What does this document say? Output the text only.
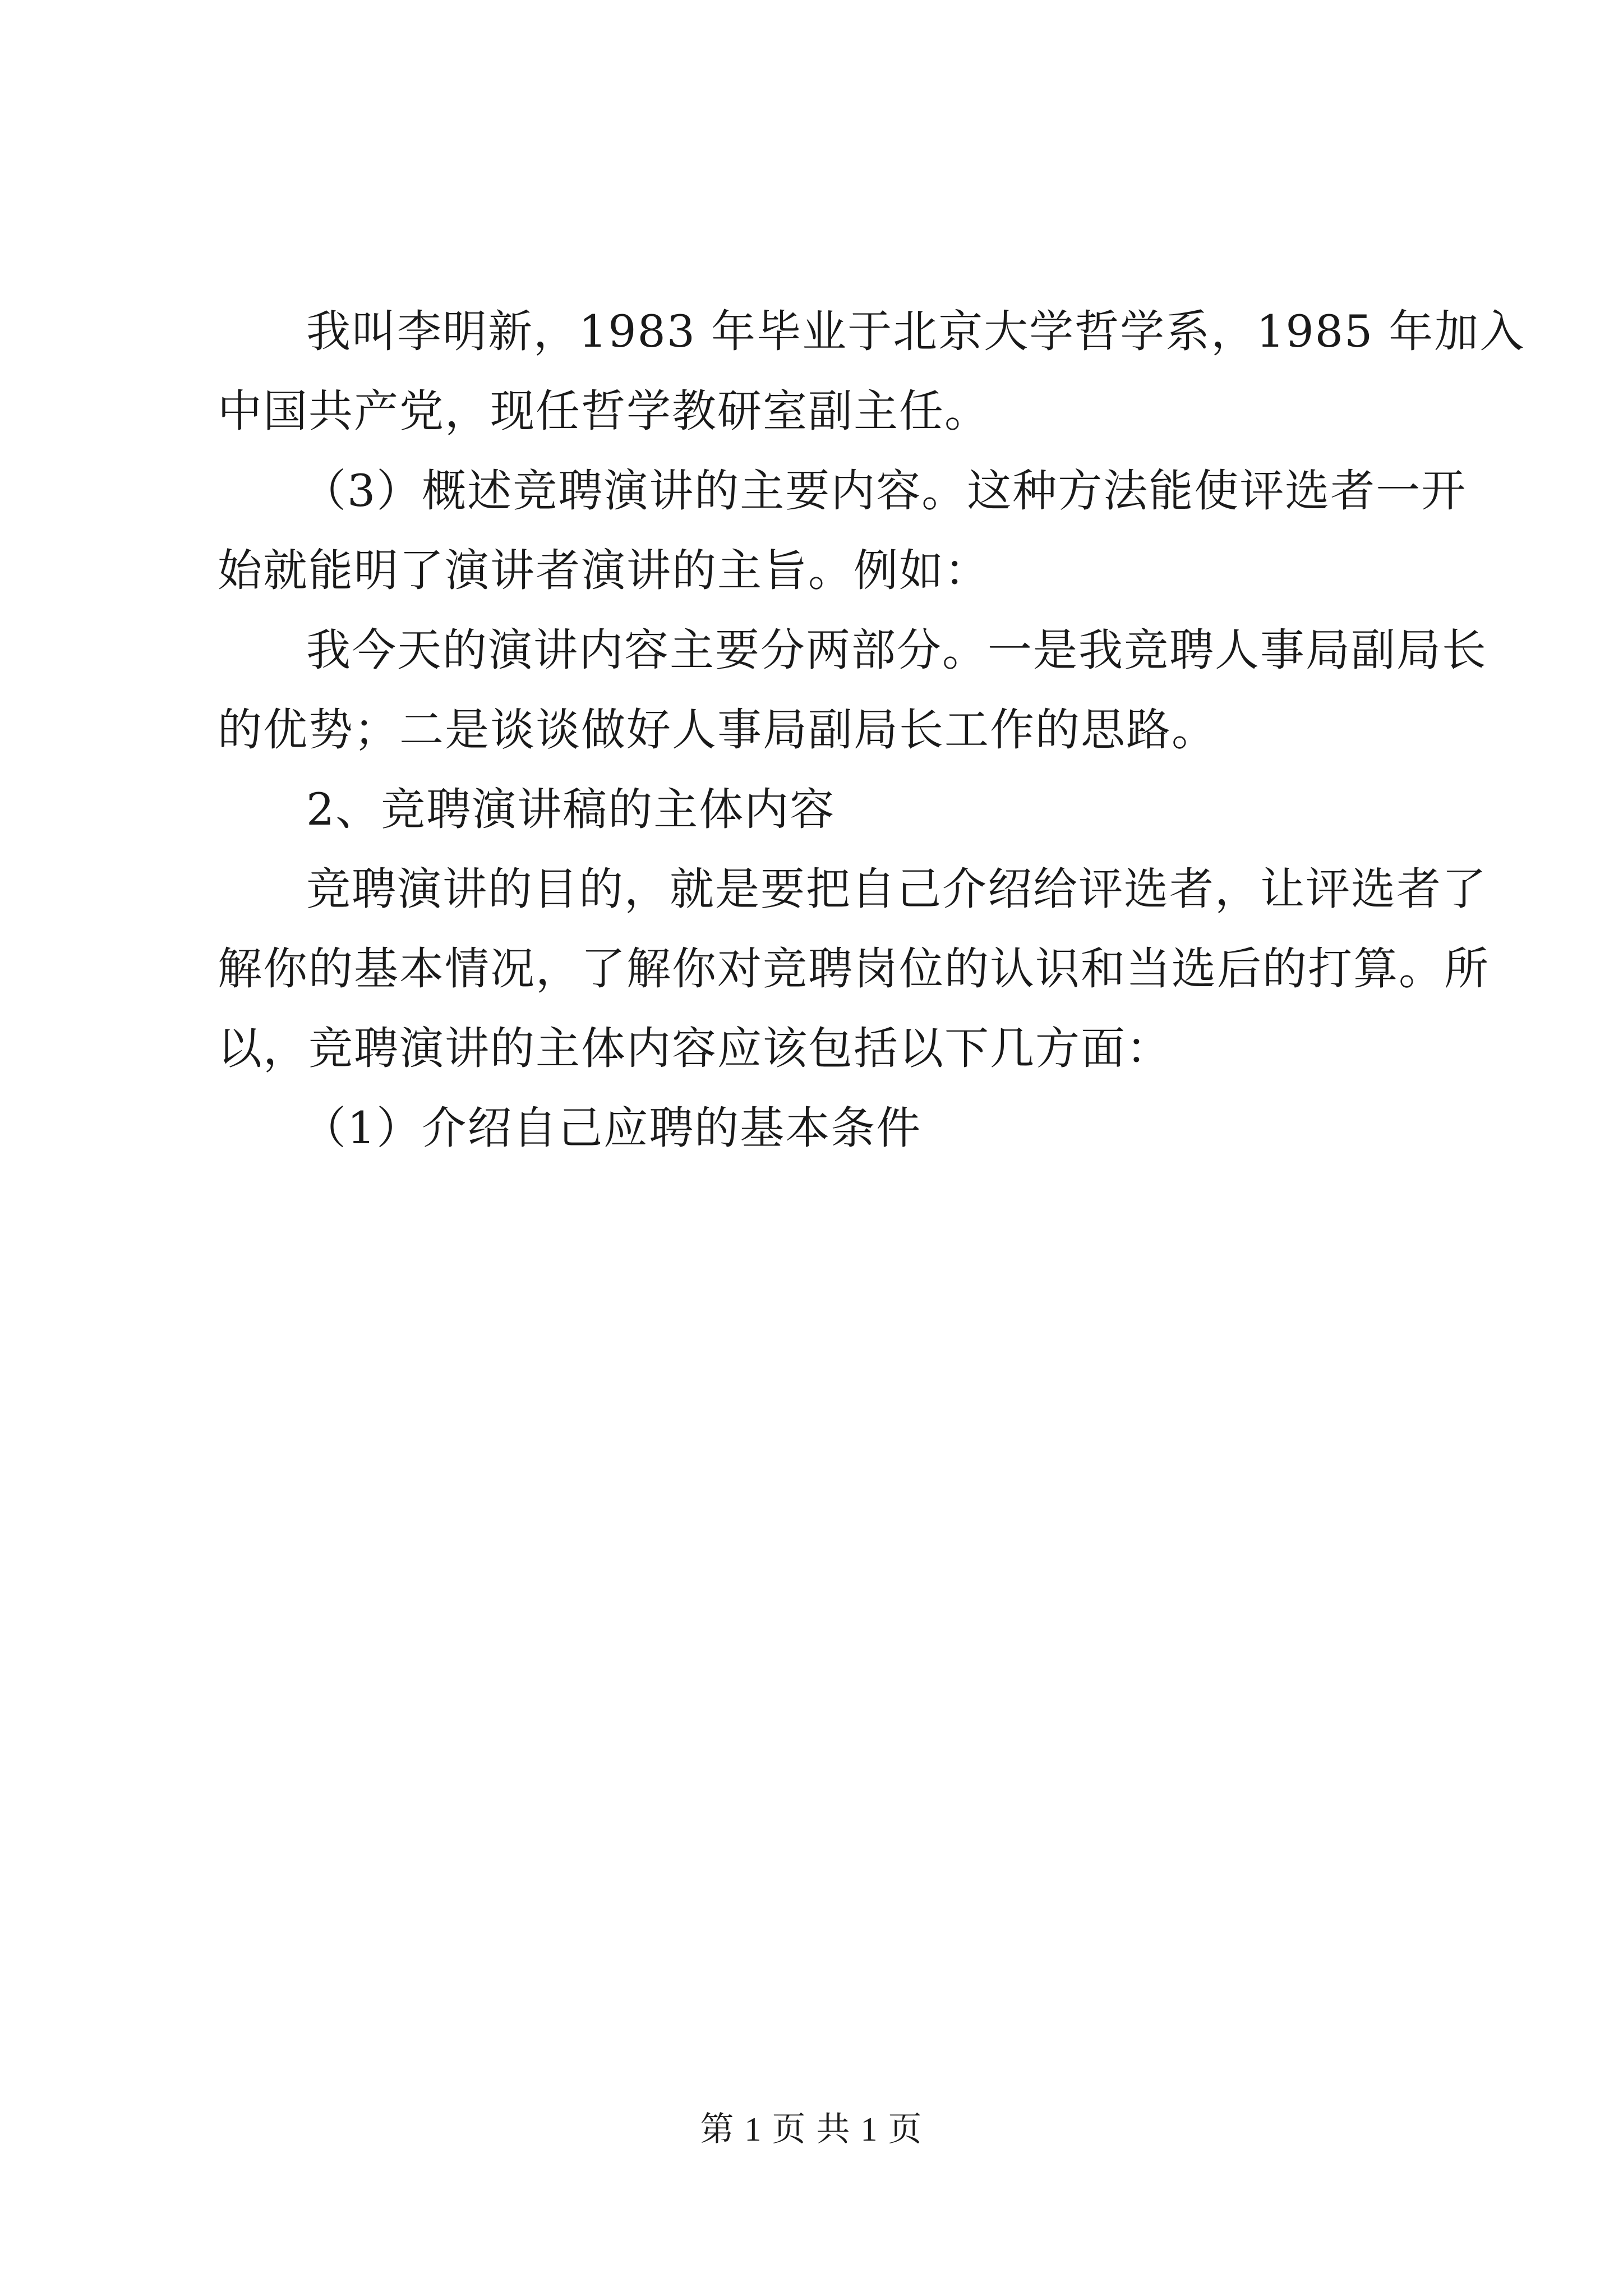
我叫李明新，1983 年毕业于北京大学哲学系，1985 年加入
中国共产党，现任哲学教研室副主任。

（3）概述竞聘演讲的主要内容。这种方法能使评选者一开
始就能明了演讲者演讲的主旨。例如：

我今天的演讲内容主要分两部分。一是我竞聘人事局副局长
的优势；二是谈谈做好人事局副局长工作的思路。

2、竞聘演讲稿的主体内容

竞聘演讲的目的，就是要把自己介绍给评选者，让评选者了
解你的基本情况，了解你对竞聘岗位的认识和当选后的打算。所
以，竞聘演讲的主体内容应该包括以下几方面：

（1）介绍自己应聘的基本条件

第 1 页 共 1 页
